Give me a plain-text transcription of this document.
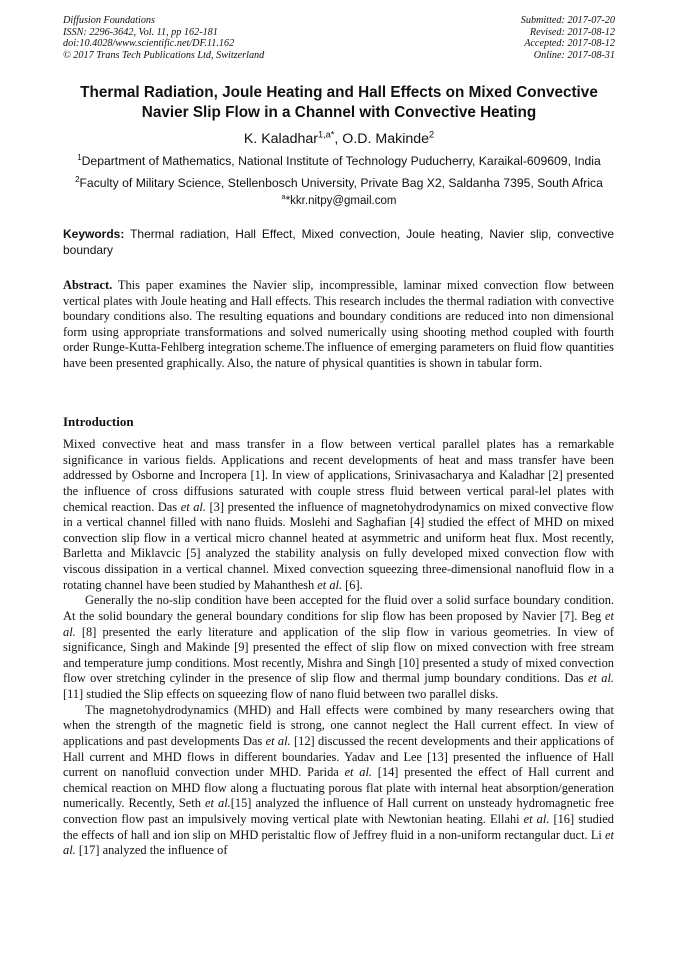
Diffusion Foundations
ISSN: 2296-3642, Vol. 11, pp 162-181
doi:10.4028/www.scientific.net/DF.11.162
© 2017 Trans Tech Publications Ltd, Switzerland
Submitted: 2017-07-20
Revised: 2017-08-12
Accepted: 2017-08-12
Online: 2017-08-31
Thermal Radiation, Joule Heating and Hall Effects on Mixed Convective Navier Slip Flow in a Channel with Convective Heating
K. Kaladhar$^{1,a*}$, O.D. Makinde$^2$
$^1$Department of Mathematics, National Institute of Technology Puducherry, Karaikal-609609, India
$^2$Faculty of Military Science, Stellenbosch University, Private Bag X2, Saldanha 7395, South Africa
$^a$*kkr.nitpy@gmail.com
Keywords: Thermal radiation, Hall Effect, Mixed convection, Joule heating, Navier slip, convective boundary
Abstract. This paper examines the Navier slip, incompressible, laminar mixed convection flow between vertical plates with Joule heating and Hall effects. This research includes the thermal radiation with convective boundary conditions also. The resulting equations and boundary conditions are reduced into non dimensional form using appropriate transformations and solved numerically using shooting method coupled with fourth order Runge-Kutta-Fehlberg integration scheme.The influence of emerging parameters on fluid flow quantities have been presented graphically. Also, the nature of physical quantities is shown in tabular form.
Introduction

Mixed convective heat and mass transfer in a flow between vertical parallel plates has a remarkable significance in various fields. Applications and recent developments of heat and mass transfer have been addressed by Osborne and Incropera [1]. In view of applications, Srinivasacharya and Kaladhar [2] presented the influence of cross diffusions saturated with couple stress fluid between vertical paral-lel plates with chemical reaction. Das et al. [3] presented the influence of magnetohydrodynamics on mixed convective flow in a vertical channel filled with nano fluids. Moslehi and Saghafian [4] studied the effect of MHD on mixed convection slip flow in a vertical micro channel heated at asymmetric and uniform heat flux. Most recently, Barletta and Miklavcic [5] analyzed the stability analysis on fully developed mixed convection flow with viscous dissipation in a vertical channel. Mixed convection squeezing three-dimensional nanofluid flow in a rotating channel have been studied by Mahanthesh et al. [6].

Generally the no-slip condition have been accepted for the fluid over a solid surface boundary condition. At the solid boundary the general boundary conditions for slip flow has been proposed by Navier [7]. Beg et al. [8] presented the early literature and application of the slip flow in various geometries. In view of significance, Singh and Makinde [9] presented the effect of slip flow on mixed convection with free stream and temperature jump conditions. Most recently, Mishra and Singh [10] presented a study of mixed convection flow over stretching cylinder in the presence of slip flow and thermal jump boundary conditions. Das et al. [11] studied the Slip effects on squeezing flow of nano fluid between two parallel disks.

The magnetohydrodynamics (MHD) and Hall effects were combined by many researchers owing that when the strength of the magnetic field is strong, one cannot neglect the Hall current effect. In view of applications and past developments Das et al. [12] discussed the recent developments and their applications of Hall current and MHD flows in different boundaries. Yadav and Lee [13] presented the influence of Hall current on nanofluid convection under MHD. Parida et al. [14] presented the effect of Hall current and chemical reaction on MHD flow along a fluctuating porous flat plate with internal heat absorption/generation numerically. Recently, Seth et al.[15] analyzed the influence of Hall current on unsteady hydromagnetic free convection flow past an impulsively moving vertical plate with Newtonian heating. Ellahi et al. [16] studied the effects of hall and ion slip on MHD peristaltic flow of Jeffrey fluid in a non-uniform rectangular duct. Li et al. [17] analyzed the influence of
